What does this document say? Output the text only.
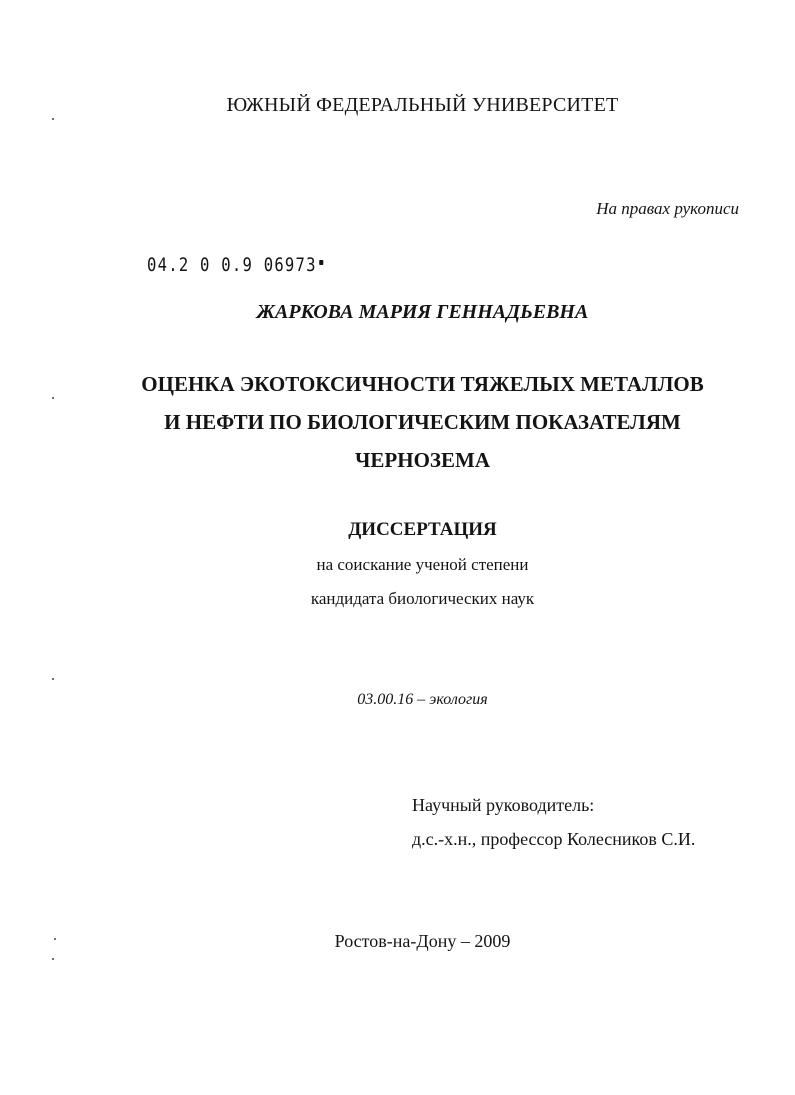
ЮЖНЫЙ ФЕДЕРАЛЬНЫЙ УНИВЕРСИТЕТ
На правах рукописи
04.2 0 0.9 06973
ЖАРКОВА МАРИЯ ГЕННАДЬЕВНА
ОЦЕНКА ЭКОТОКСИЧНОСТИ ТЯЖЕЛЫХ МЕТАЛЛОВ
И НЕФТИ ПО БИОЛОГИЧЕСКИМ ПОКАЗАТЕЛЯМ
ЧЕРНОЗЕМА
ДИССЕРТАЦИЯ
на соискание ученой степени
кандидата биологических наук
03.00.16 – экология
Научный руководитель:
д.с.-х.н., профессор Колесников С.И.
Ростов-на-Дону – 2009
